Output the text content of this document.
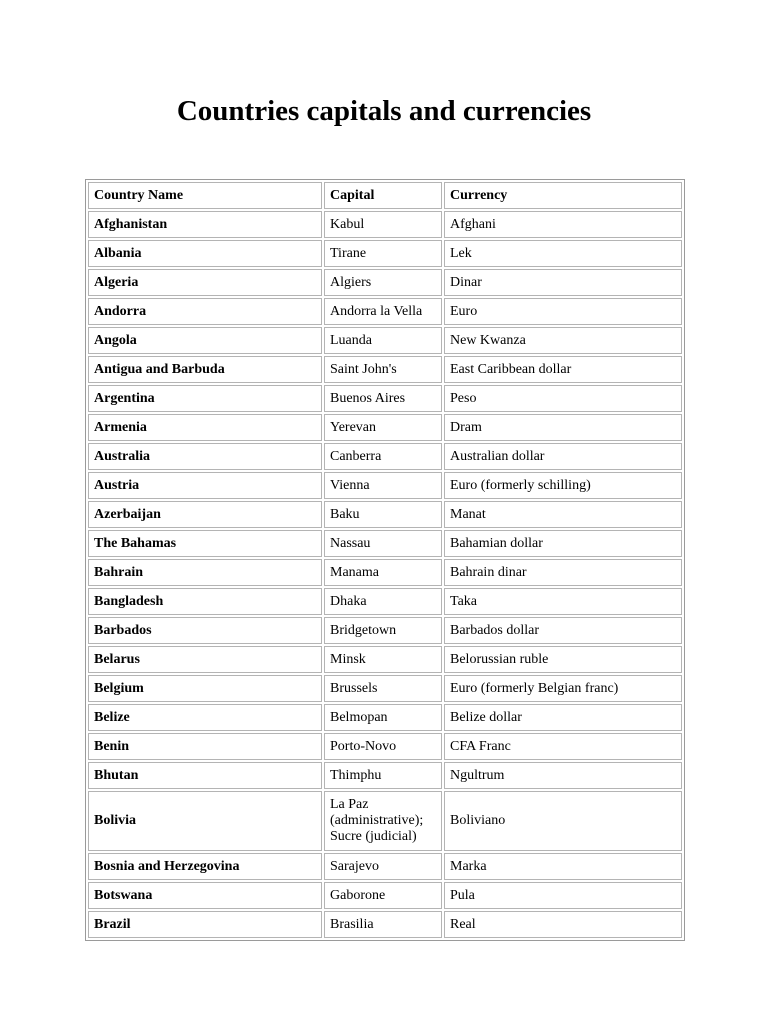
Countries capitals and currencies
Country Name	Capital	Currency
Afghanistan	Kabul	Afghani
Albania	Tirane	Lek
Algeria	Algiers	Dinar
Andorra	Andorra la Vella	Euro
Angola	Luanda	New Kwanza
Antigua and Barbuda	Saint John's	East Caribbean dollar
Argentina	Buenos Aires	Peso
Armenia	Yerevan	Dram
Australia	Canberra	Australian dollar
Austria	Vienna	Euro (formerly schilling)
Azerbaijan	Baku	Manat
The Bahamas	Nassau	Bahamian dollar
Bahrain	Manama	Bahrain dinar
Bangladesh	Dhaka	Taka
Barbados	Bridgetown	Barbados dollar
Belarus	Minsk	Belorussian ruble
Belgium	Brussels	Euro (formerly Belgian franc)
Belize	Belmopan	Belize dollar
Benin	Porto-Novo	CFA Franc
Bhutan	Thimphu	Ngultrum
Bolivia	La Paz (administrative); Sucre (judicial)	Boliviano
Bosnia and Herzegovina	Sarajevo	Marka
Botswana	Gaborone	Pula
Brazil	Brasilia	Real
